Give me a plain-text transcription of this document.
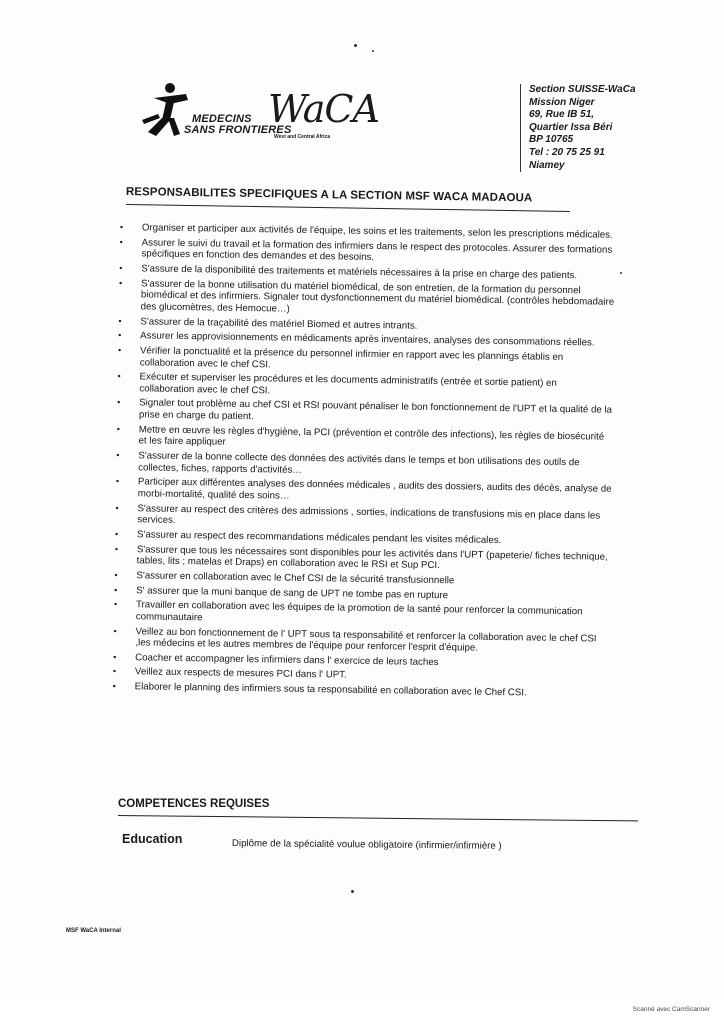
MEDECINS
SANS FRONTIERES
WaCA
West and Central Africa
Section SUISSE-WaCa
Mission Niger
69, Rue IB 51,
Quartier Issa Béri
BP 10765
Tel : 20 75 25 91
Niamey
RESPONSABILITES SPECIFIQUES A LA SECTION MSF WACA MADAOUA
• Organiser et participer aux activités de l'équipe, les soins et les traitements, selon les prescriptions médicales.
• Assurer le suivi du travail et la formation des infirmiers dans le respect des protocoles. Assurer des formations spécifiques en fonction des demandes et des besoins.
• S'assure de la disponibilité des traitements et matériels nécessaires à la prise en charge des patients.
• S'assurer de la bonne utilisation du matériel biomédical, de son entretien, de la formation du personnel biomédical et des infirmiers. Signaler tout dysfonctionnement du matériel biomédical. (contrôles hebdomadaire des glucomètres, des Hemocue…)
• S'assurer de la traçabilité des matériel Biomed et autres intrants.
• Assurer les approvisionnements en médicaments après inventaires, analyses des consommations réelles.
• Vérifier la ponctualité et la présence du personnel infirmier en rapport avec les plannings établis en collaboration avec le chef CSI.
• Exécuter et superviser les procédures et les documents administratifs (entrée et sortie patient) en collaboration avec le chef CSI.
• Signaler tout problème au chef CSI et RSI pouvant pénaliser le bon fonctionnement de l'UPT et la qualité de la prise en charge du patient.
• Mettre en œuvre les règles d'hygiène, la PCI (prévention et contrôle des infections), les règles de biosécurité et les faire appliquer
• S'assurer de la bonne collecte des données des activités dans le temps et bon utilisations des outils de collectes, fiches, rapports d'activités…
• Participer aux différentes analyses des données médicales , audits des dossiers, audits des décès, analyse de morbi-mortalité, qualité des soins…
• S'assurer au respect des critères des admissions , sorties, indications de transfusions mis en place dans les services.
• S'assurer au respect des recommandations médicales pendant les visites médicales.
• S'assurer que tous les nécessaires sont disponibles pour les activités dans l'UPT (papeterie/ fiches technique, tables, lits ; matelas et Draps) en collaboration avec le RSI et Sup PCI.
• S'assurer en collaboration avec le Chef CSI de la sécurité transfusionnelle
• S' assurer que la muni banque de sang de UPT ne tombe pas en rupture
• Travailler en collaboration avec les équipes de la promotion de la santé pour renforcer la communication communautaire
• Veillez au bon fonctionnement de l' UPT sous ta responsabilité et renforcer la collaboration avec le chef CSI ,les médecins et les autres membres de l'équipe pour renforcer l'esprit d'équipe.
• Coacher et accompagner les infirmiers dans l' exercice de leurs taches
• Veillez aux respects de mesures PCI dans l' UPT.
• Elaborer le planning des infirmiers sous ta responsabilité en collaboration avec le Chef CSI.
COMPETENCES REQUISES
Education	Diplôme de la spécialité voulue obligatoire (infirmier/infirmière )
MSF WaCA Internal
Scanné avec CamScanner
